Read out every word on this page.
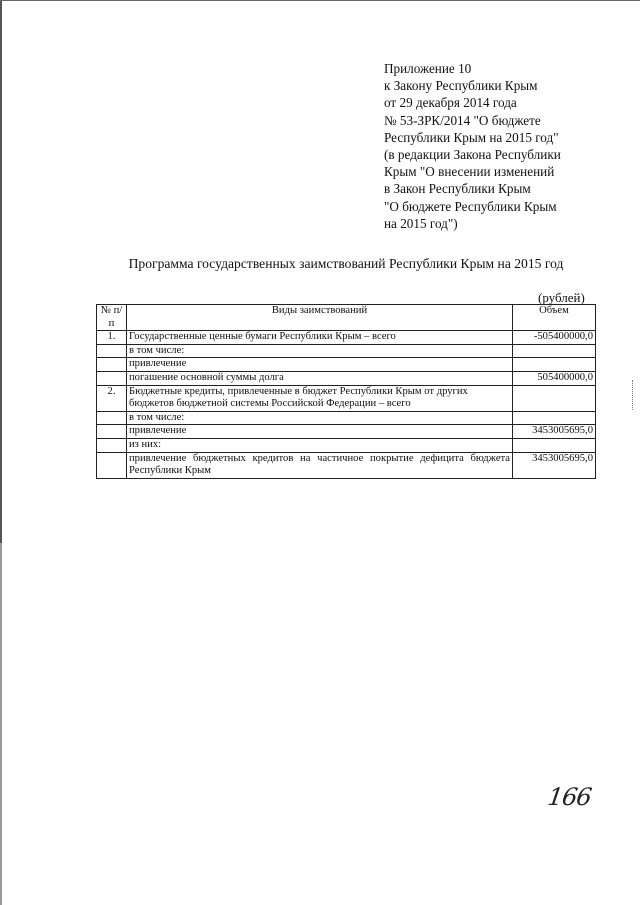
Приложение 10
к Закону Республики Крым
от 29 декабря 2014 года
№ 53-ЗРК/2014 "О бюджете
Республики Крым на 2015 год"
(в редакции Закона Республики
Крым "О внесении изменений
в Закон Республики Крым
"О бюджете Республики Крым
на 2015 год")
Программа государственных заимствований Республики Крым на 2015 год
(рублей)
№ п/п	Виды заимствований	Объем
1.	Государственные ценные бумаги Республики Крым – всего	-505400000,0
	в том числе:	
	привлечение	
	погашение основной суммы долга	505400000,0
2.	Бюджетные кредиты, привлеченные в бюджет Республики Крым от других бюджетов бюджетной системы Российской Федерации – всего	
	в том числе:	
	привлечение	3453005695,0
	из них:	
	привлечение бюджетных кредитов на частичное покрытие дефицита бюджета Республики Крым	3453005695,0
166
